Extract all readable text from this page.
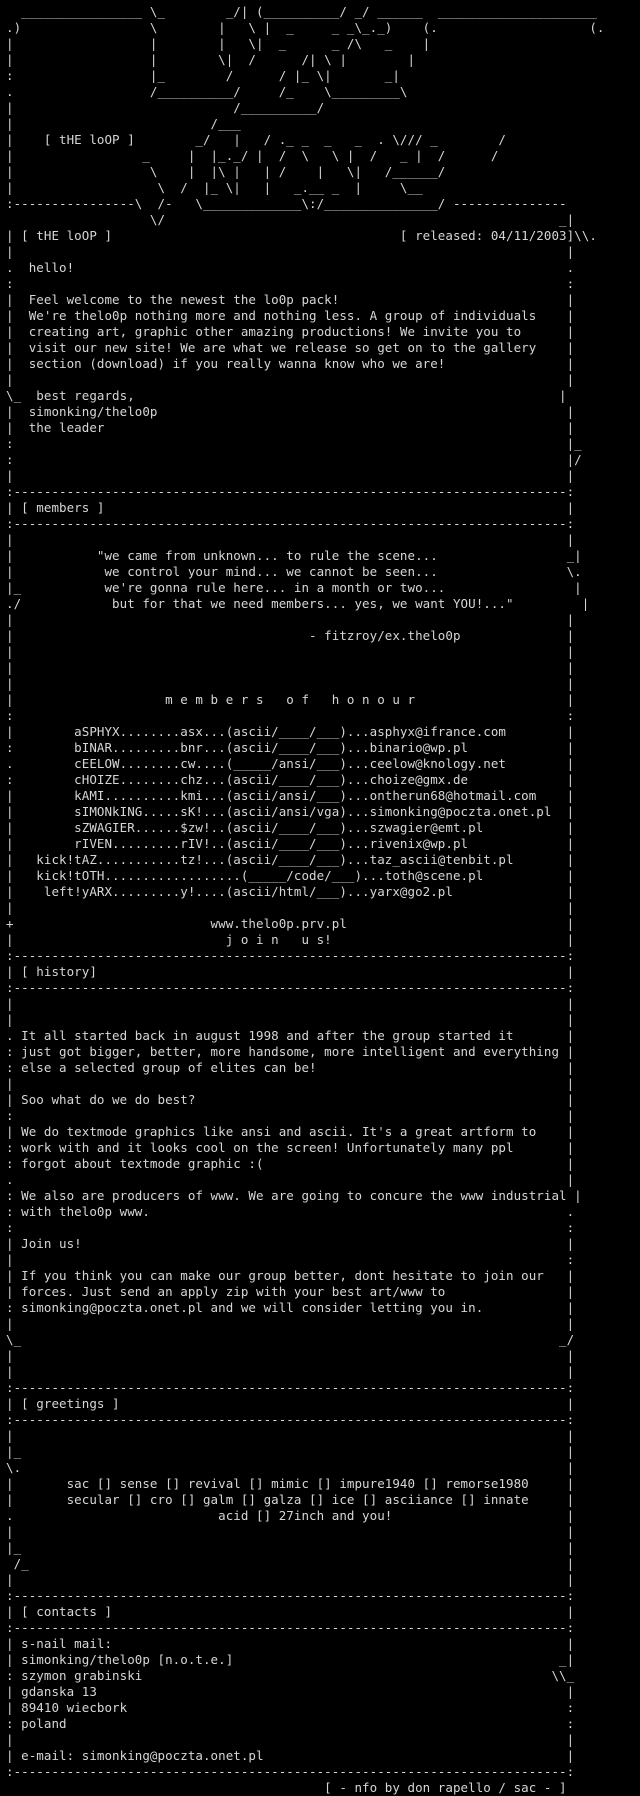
________________ \_        _/| (__________/ _/ ______  _____________________
.)                 \        |   \ |  _     _ _\_._)    (.                    (.
|                  |        |   \|  _      _ /\   _    |
|                  |        \|  /      /| \ |        |
:                  |_        /      / |_ \|       _|
.                  /__________/     /_    \_________\
|                             /__________/
|                          /___
|    [ tHE loOP ]        _/   |   / ._ _  _   _  . \/// _        /
|                 _     |  |_._/ |  /  \   \ |  /   _ |  /      /
|                  \    |  |\ |   | /    |   \|   /______/
|                   \  /  |_ \|   |   _.__ _  |     \__
:----------------\  /-   \_____________\:/_______________/ ---------------
\/                                                    _|
| [ tHE loOP ]                                      [ released: 04/11/2003]\\.
|                                                                         |
.  hello!                                                                 .
:                                                                         :
|  Feel welcome to the newest the lo0p pack!                              |
|  We're thelo0p nothing more and nothing less. A group of individuals    |
|  creating art, graphic other amazing productions! We invite you to      |
|  visit our new site! We are what we release so get on to the gallery    |
|  section (download) if you really wanna know who we are!                |
|                                                                         |
\_  best regards,                                                        |
|  simonking/thelo0p                                                      |
|  the leader                                                             |
:                                                                         |_
:                                                                         |/
|                                                                         |
:-------------------------------------------------------------------------:
| [ members ]                                                             |
:-------------------------------------------------------------------------:
|                                                                         |
|           "we came from unknown... to rule the scene...                 _|
|            we control your mind... we cannot be seen...                 \.
|_           we're gonna rule here... in a month or two...                 |
./            but for that we need members... yes, we want YOU!..."         |
|                                                                         |
|                                       - fitzroy/ex.thelo0p              |
|                                                                         |
|                                                                         |
|                                                                         |
|                    m e m b e r s   o f   h o n o u r                    |
:                                                                         :
|        aSPHYX........asx...(ascii/____/___)...asphyx@ifrance.com        |
:        bINAR.........bnr...(ascii/____/___)...binario@wp.pl             |
.        cEELOW........cw....(_____/ansi/___)...ceelow@knology.net        |
:        cHOIZE........chz...(ascii/____/___)...choize@gmx.de             |
|        kAMI..........kmi...(ascii/ansi/___)...ontherun68@hotmail.com    |
|        sIMONkING.....sK!...(ascii/ansi/vga)...simonking@poczta.onet.pl  |
|        sZWAGIER......$zw!..(ascii/____/___)...szwagier@emt.pl           |
|        rIVEN.........rIV!..(ascii/____/___)...rivenix@wp.pl             |
|   kick!tAZ...........tz!...(ascii/____/___)...taz_ascii@tenbit.pl       |
|   kick!tOTH..................(_____/code/___)...toth@scene.pl           |
|    left!yARX.........y!....(ascii/html/___)...yarx@go2.pl               |
|                                                                         |
+                          www.thelo0p.prv.pl                             |
|                            j o i n   u s!                               |
:-------------------------------------------------------------------------:
| [ history]                                                              |
:-------------------------------------------------------------------------:
|                                                                         |
|                                                                         |
. It all started back in august 1998 and after the group started it       |
: just got bigger, better, more handsome, more intelligent and everything |
: else a selected group of elites can be!                                 |
|                                                                         |
| Soo what do we do best?                                                 |
:                                                                         |
| We do textmode graphics like ansi and ascii. It's a great artform to    |
: work with and it looks cool on the screen! Unfortunately many ppl       |
: forgot about textmode graphic :(                                        |
.                                                                         |
: We also are producers of www. We are going to concure the www industrial |
: with thelo0p www.                                                       .
:                                                                         :
| Join us!                                                                |
|                                                                         :
| If you think you can make our group better, dont hesitate to join our   |
| forces. Just send an apply zip with your best art/www to                |
: simonking@poczta.onet.pl and we will consider letting you in.           |
|                                                                         |
\_                                                                       _/
|                                                                         |
|                                                                         |
:-------------------------------------------------------------------------:
| [ greetings ]                                                           |
:-------------------------------------------------------------------------:
|                                                                         |
|_                                                                        |
\.                                                                        |
|       sac [] sense [] revival [] mimic [] impure1940 [] remorse1980     |
|       secular [] cro [] galm [] galza [] ice [] asciiance [] innate     |
.                           acid [] 27inch and you!                       |
|                                                                         |
|_                                                                        |
/_                                                                       |
|                                                                         |
:-------------------------------------------------------------------------:
| [ contacts ]                                                            |
:-------------------------------------------------------------------------:
| s-nail mail:                                                            |
| simonking/thelo0p [n.o.t.e.]                                           _|
: szymon grabinski                                                      \\_
| gdanska 13                                                              |
| 89410 wiecbork                                                          :
: poland                                                                  :
|                                                                         |
| e-mail: simonking@poczta.onet.pl                                        |
:-------------------------------------------------------------------------:
[ - nfo by don rapello / sac - ]
